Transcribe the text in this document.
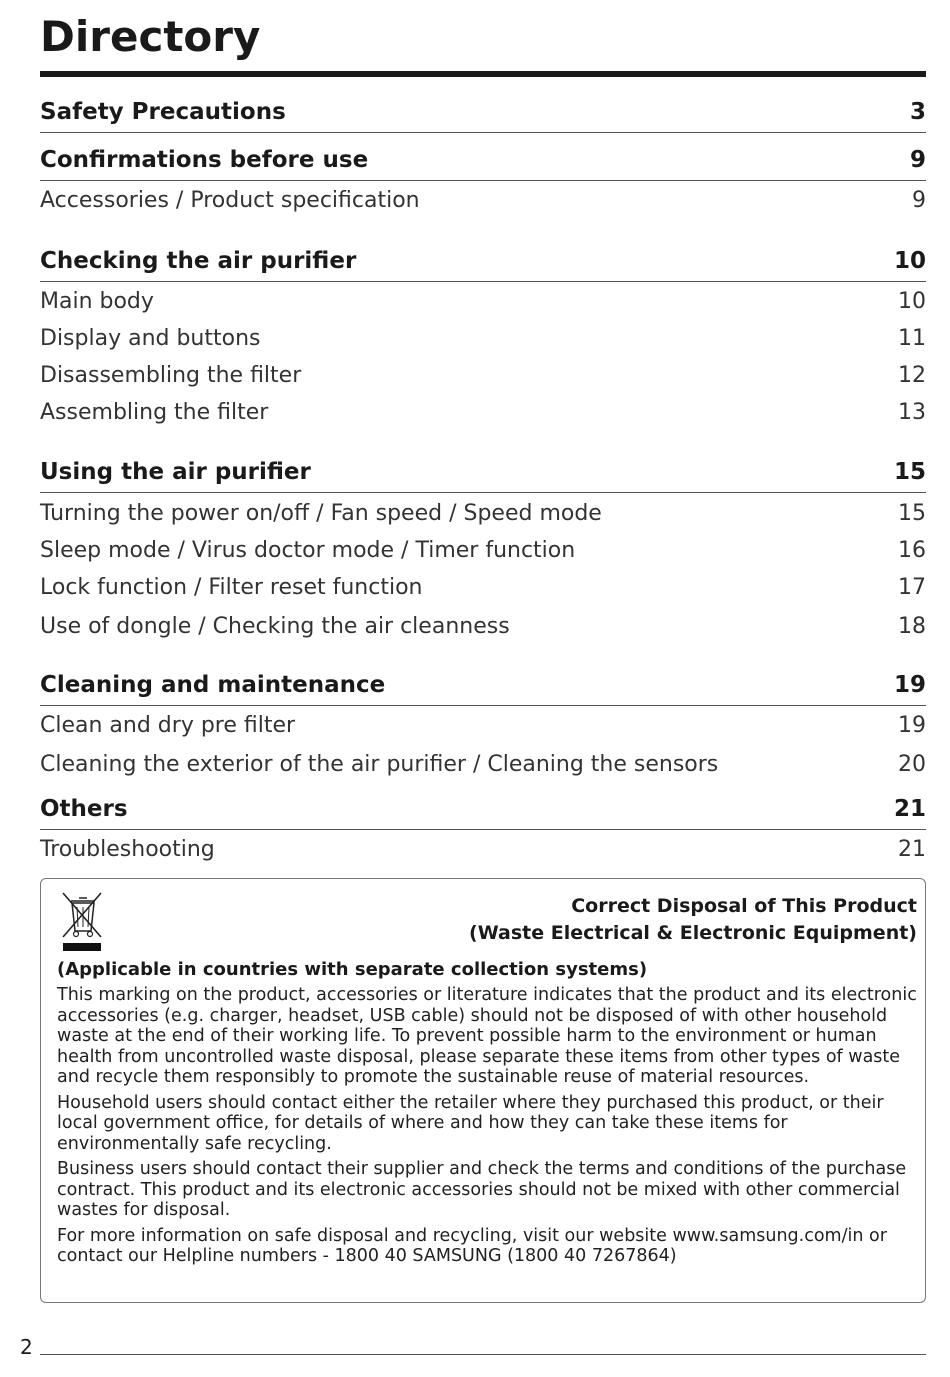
Directory
Safety Precautions	3
Confirmations before use	9
Accessories / Product specification	9
Checking the air purifier	10
Main body	10
Display and buttons	11
Disassembling the filter	12
Assembling the filter	13
Using the air purifier	15
Turning the power on/off / Fan speed / Speed mode	15
Sleep mode / Virus doctor mode / Timer function	16
Lock function / Filter reset function	17
Use of dongle / Checking the air cleanness	18
Cleaning and maintenance	19
Clean and dry pre filter	19
Cleaning the exterior of the air purifier / Cleaning the sensors	20
Others	21
Troubleshooting	21
Correct Disposal of This Product
(Waste Electrical & Electronic Equipment)
(Applicable in countries with separate collection systems)

This marking on the product, accessories or literature indicates that the product and its electronic accessories (e.g. charger, headset, USB cable) should not be disposed of with other household waste at the end of their working life. To prevent possible harm to the environment or human health from uncontrolled waste disposal, please separate these items from other types of waste and recycle them responsibly to promote the sustainable reuse of material resources.

Household users should contact either the retailer where they purchased this product, or their local government office, for details of where and how they can take these items for environmentally safe recycling.

Business users should contact their supplier and check the terms and conditions of the purchase contract. This product and its electronic accessories should not be mixed with other commercial wastes for disposal.

For more information on safe disposal and recycling, visit our website www.samsung.com/in or contact our Helpline numbers - 1800 40 SAMSUNG (1800 40 7267864)

2
